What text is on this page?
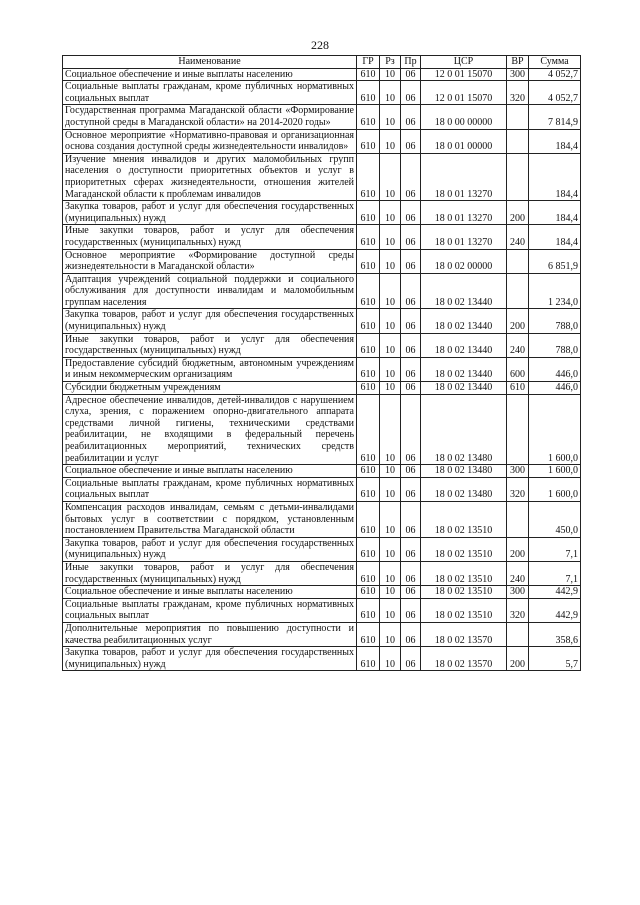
228
Наименование	ГР	Рз	Пр	ЦСР	ВР	Сумма
Социальное обеспечение и иные выплаты населению	610	10	06	12 0 01 15070	300	4 052,7
Социальные выплаты гражданам, кроме публичных нормативных социальных выплат	610	10	06	12 0 01 15070	320	4 052,7
Государственная программа Магаданской области «Формирование доступной среды в Магаданской области» на 2014-2020 годы»	610	10	06	18 0 00 00000		7 814,9
Основное мероприятие «Нормативно-правовая и организационная основа создания доступной среды жизнедеятельности инвалидов»	610	10	06	18 0 01 00000		184,4
Изучение мнения инвалидов и других маломобильных групп населения о доступности приоритетных объектов и услуг в приоритетных сферах жизнедеятельности, отношения жителей Магаданской области к проблемам инвалидов	610	10	06	18 0 01 13270		184,4
Закупка товаров, работ и услуг для обеспечения государственных (муниципальных) нужд	610	10	06	18 0 01 13270	200	184,4
Иные закупки товаров, работ и услуг для обеспечения государственных (муниципальных) нужд	610	10	06	18 0 01 13270	240	184,4
Основное мероприятие «Формирование доступной среды жизнедеятельности в Магаданской области»	610	10	06	18 0 02 00000		6 851,9
Адаптация учреждений социальной поддержки и социального обслуживания для доступности инвалидам и маломобильным группам населения	610	10	06	18 0 02 13440		1 234,0
Закупка товаров, работ и услуг для обеспечения государственных (муниципальных) нужд	610	10	06	18 0 02 13440	200	788,0
Иные закупки товаров, работ и услуг для обеспечения государственных (муниципальных) нужд	610	10	06	18 0 02 13440	240	788,0
Предоставление субсидий бюджетным, автономным учреждениям и иным некоммерческим организациям	610	10	06	18 0 02 13440	600	446,0
Субсидии бюджетным учреждениям	610	10	06	18 0 02 13440	610	446,0
Адресное обеспечение инвалидов, детей-инвалидов с нарушением слуха, зрения, с поражением опорно-двигательного аппарата средствами личной гигиены, техническими средствами реабилитации, не входящими в федеральный перечень реабилитационных мероприятий, технических средств реабилитации и услуг	610	10	06	18 0 02 13480		1 600,0
Социальное обеспечение и иные выплаты населению	610	10	06	18 0 02 13480	300	1 600,0
Социальные выплаты гражданам, кроме публичных нормативных социальных выплат	610	10	06	18 0 02 13480	320	1 600,0
Компенсация расходов инвалидам, семьям с детьми-инвалидами бытовых услуг в соответствии с порядком, установленным постановлением Правительства Магаданской области	610	10	06	18 0 02 13510		450,0
Закупка товаров, работ и услуг для обеспечения государственных (муниципальных) нужд	610	10	06	18 0 02 13510	200	7,1
Иные закупки товаров, работ и услуг для обеспечения государственных (муниципальных) нужд	610	10	06	18 0 02 13510	240	7,1
Социальное обеспечение и иные выплаты населению	610	10	06	18 0 02 13510	300	442,9
Социальные выплаты гражданам, кроме публичных нормативных социальных выплат	610	10	06	18 0 02 13510	320	442,9
Дополнительные мероприятия по повышению доступности и качества реабилитационных услуг	610	10	06	18 0 02 13570		358,6
Закупка товаров, работ и услуг для обеспечения государственных (муниципальных) нужд	610	10	06	18 0 02 13570	200	5,7
